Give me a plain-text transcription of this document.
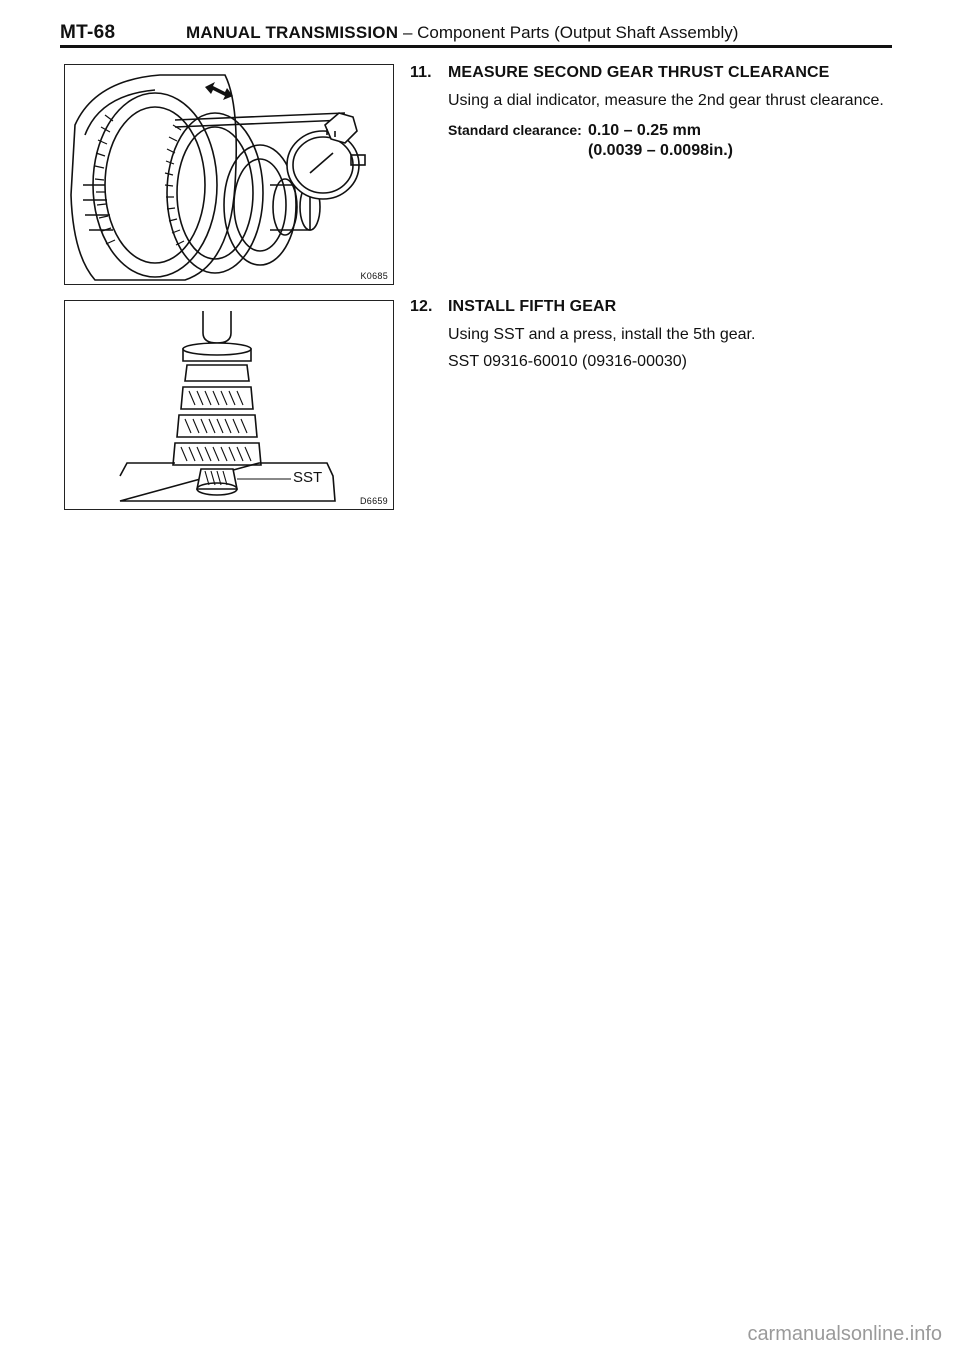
MT-68	MANUAL TRANSMISSION – Component Parts (Output Shaft Assembly)
K0685
SST
D6659
11. MEASURE SECOND GEAR THRUST CLEARANCE
Using a dial indicator, measure the 2nd gear thrust clearance.
Standard clearance: 0.10 – 0.25 mm
(0.0039 – 0.0098in.)
12. INSTALL FIFTH GEAR
Using SST and a press, install the 5th gear.
SST 09316-60010 (09316-00030)
carmanualsonline.info
